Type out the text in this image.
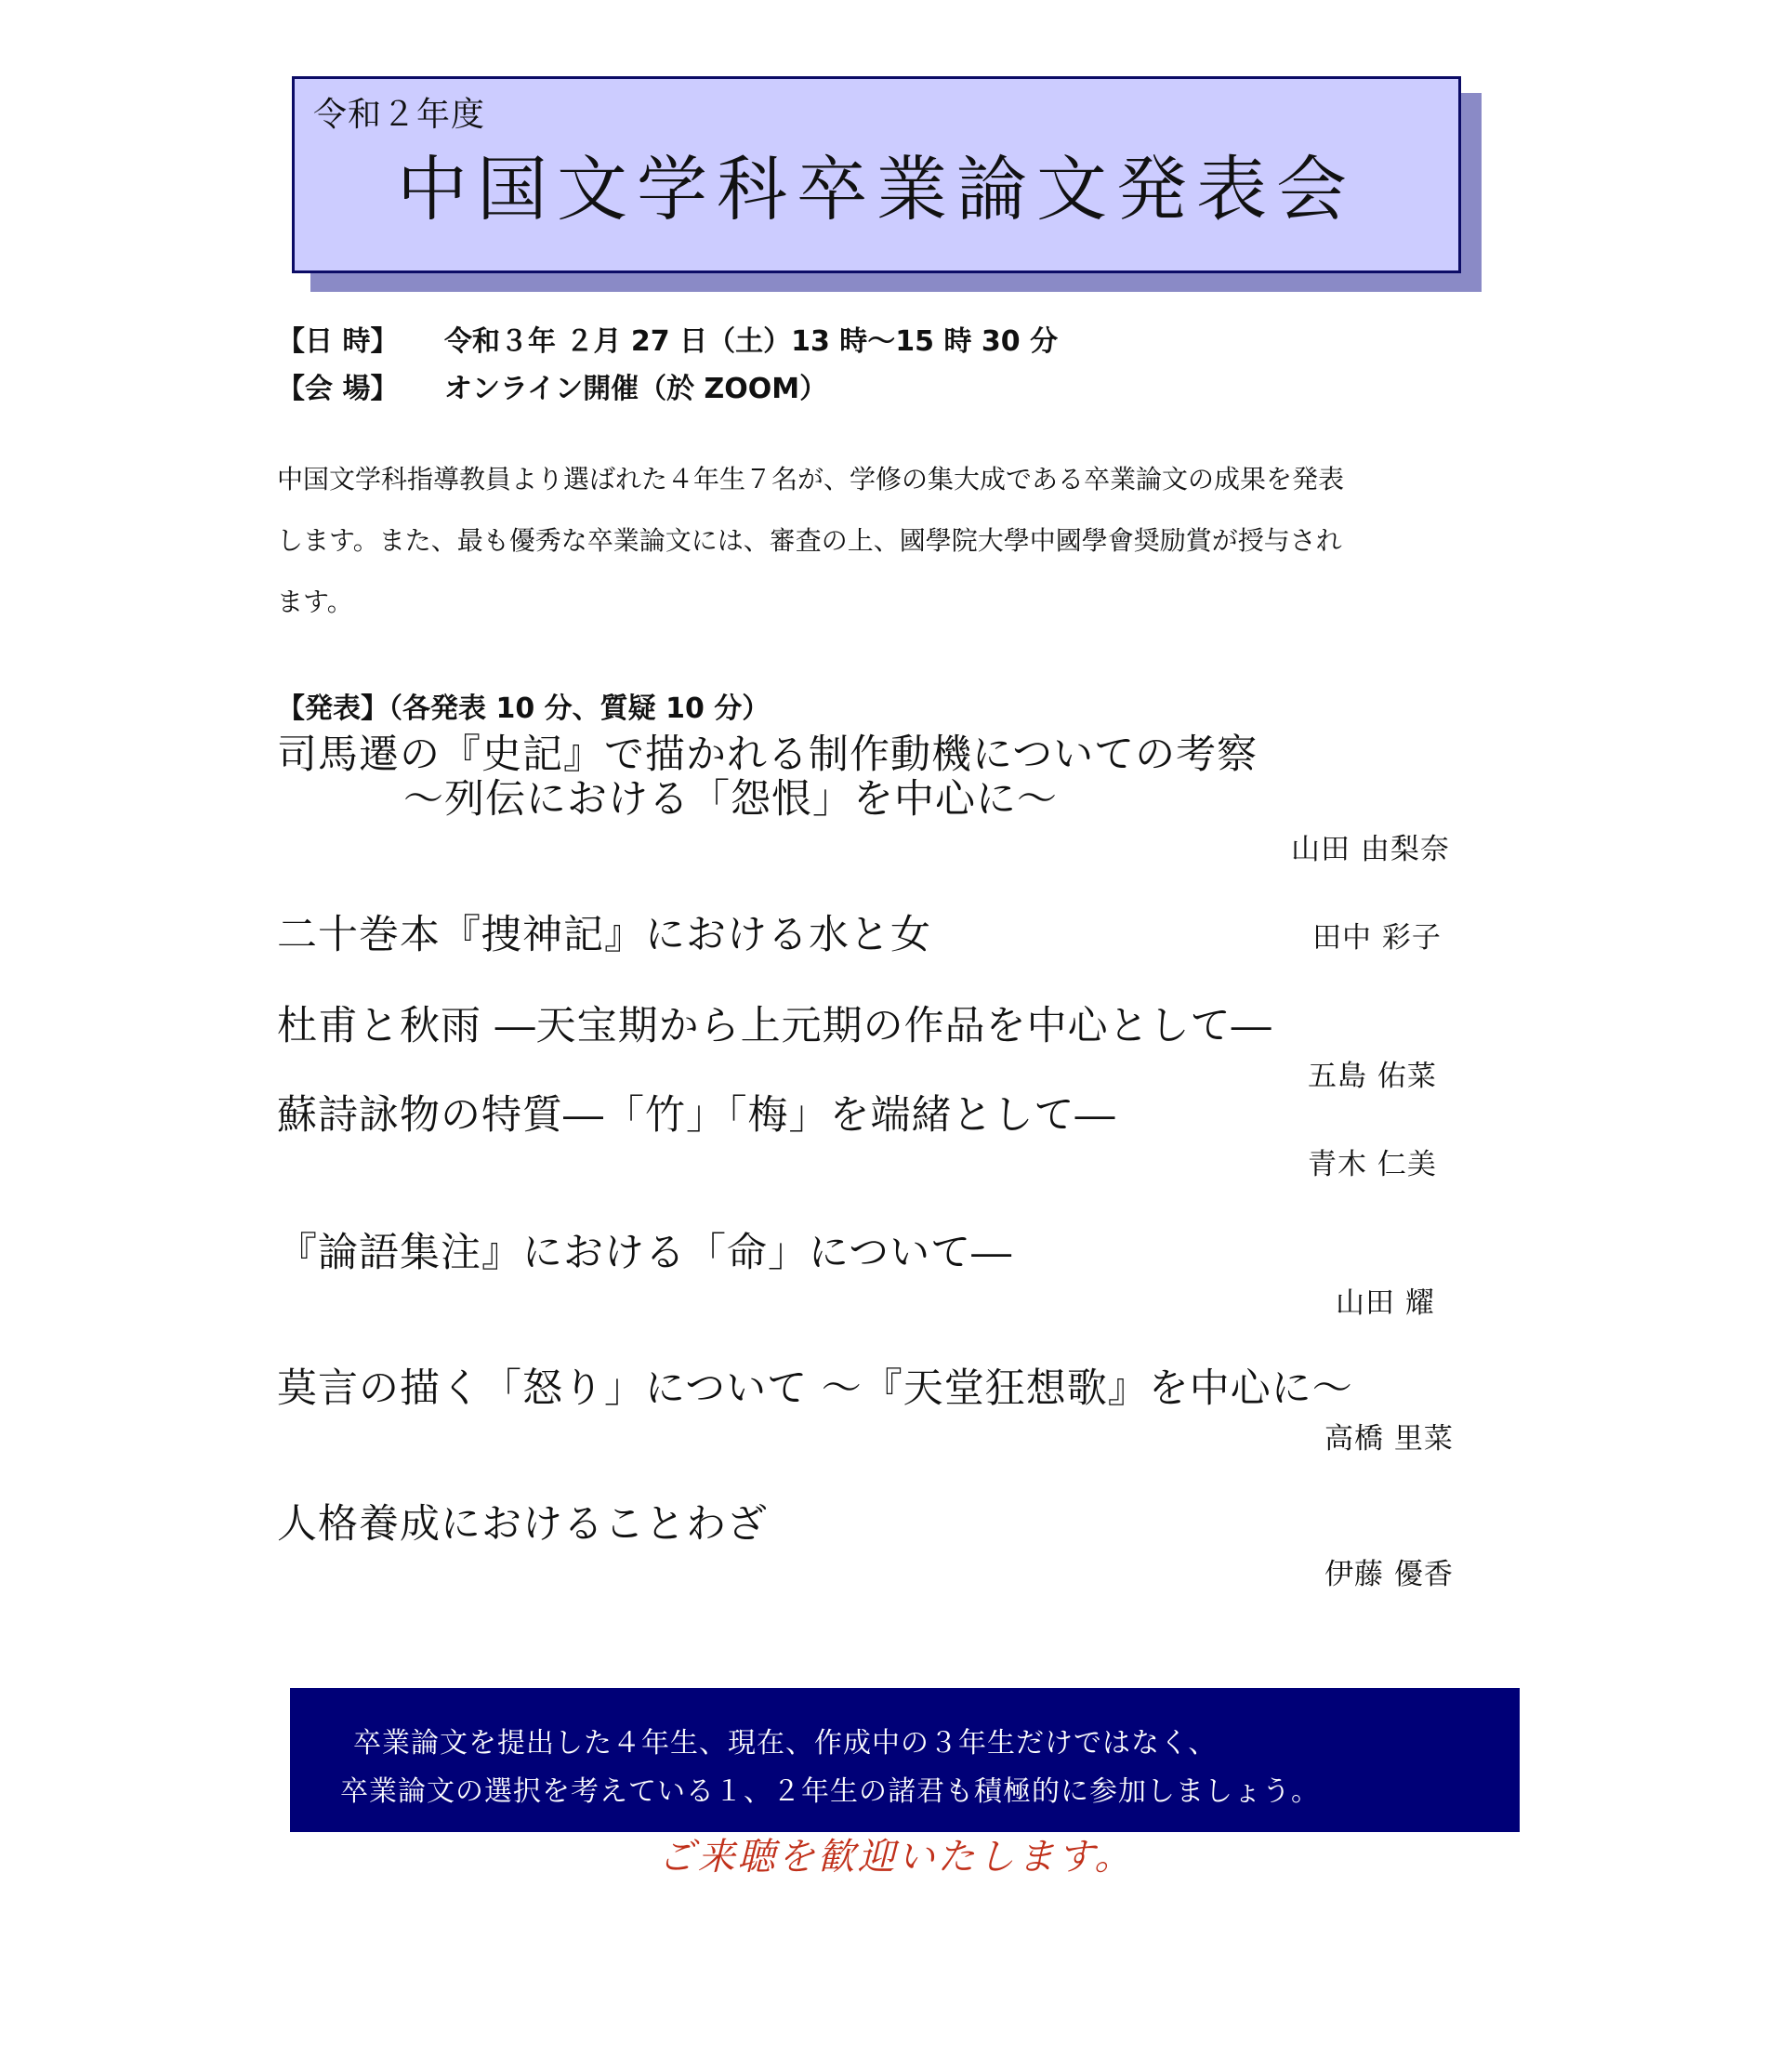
令和２年度
中国文学科卒業論文発表会
【日 時】 令和３年 ２月 27 日（土）13 時～15 時 30 分
【会 場】 オンライン開催（於 ZOOM）
中国文学科指導教員より選ばれた４年生７名が、学修の集大成である卒業論文の成果を発表
します。また、最も優秀な卒業論文には、審査の上、國學院大學中國學會奨励賞が授与され
ます。
【発表】（各発表 10 分、質疑 10 分）
司馬遷の『史記』で描かれる制作動機についての考察
～列伝における「怨恨」を中心に～
山田 由梨奈
二十巻本『捜神記』における水と女	田中 彩子
杜甫と秋雨 ―天宝期から上元期の作品を中心として―
五島 佑菜
蘇詩詠物の特質―「竹」「梅」を端緒として―
青木 仁美
『論語集注』における「命」について―
山田 耀
莫言の描く「怒り」について ～『天堂狂想歌』を中心に～
高橋 里菜
人格養成におけることわざ
伊藤 優香
卒業論文を提出した４年生、現在、作成中の３年生だけではなく、
卒業論文の選択を考えている１、２年生の諸君も積極的に参加しましょう。
ご来聴を歓迎いたします。
